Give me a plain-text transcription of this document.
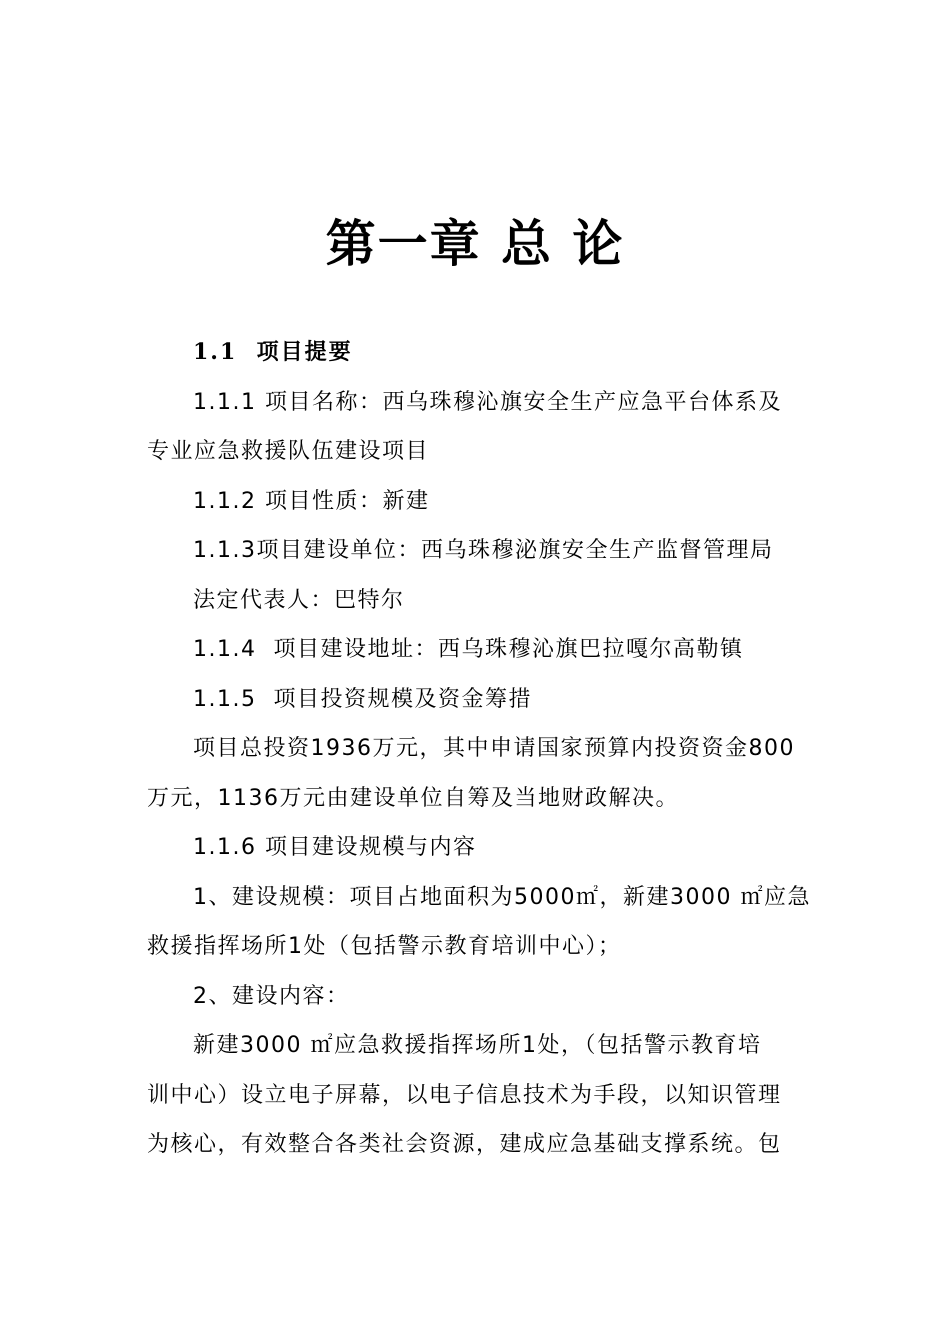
第一章 总 论
1.1  项目提要
1.1.1 项目名称：西乌珠穆沁旗安全生产应急平台体系及
专业应急救援队伍建设项目
1.1.2 项目性质：新建
1.1.3项目建设单位：西乌珠穆泌旗安全生产监督管理局
法定代表人：巴特尔
1.1.4  项目建设地址：西乌珠穆沁旗巴拉嘎尔高勒镇
1.1.5  项目投资规模及资金筹措
项目总投资1936万元，其中申请国家预算内投资资金800
万元，1136万元由建设单位自筹及当地财政解决。
1.1.6 项目建设规模与内容
1、建设规模：项目占地面积为5000㎡，新建3000 ㎡应急
救援指挥场所1处（包括警示教育培训中心）；
2、建设内容：
新建3000 ㎡应急救援指挥场所1处，（包括警示教育培
训中心）设立电子屏幕，以电子信息技术为手段，以知识管理
为核心，有效整合各类社会资源，建成应急基础支撑系统。包
